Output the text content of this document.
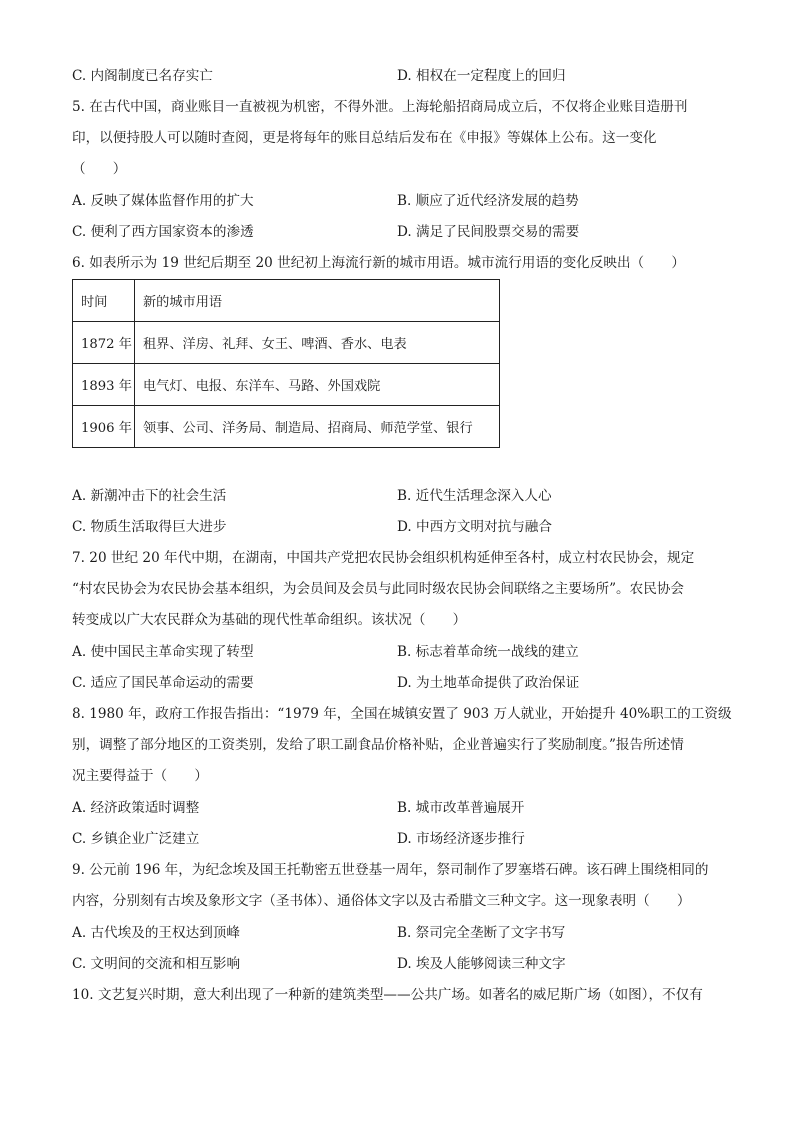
C. 内阁制度已名存实亡	D. 相权在一定程度上的回归
5. 在古代中国，商业账目一直被视为机密，不得外泄。上海轮船招商局成立后，不仅将企业账目造册刊
印，以便持股人可以随时查阅，更是将每年的账目总结后发布在《申报》等媒体上公布。这一变化
（　　）
A. 反映了媒体监督作用的扩大	B. 顺应了近代经济发展的趋势
C. 便利了西方国家资本的渗透	D. 满足了民间股票交易的需要
6. 如表所示为 19 世纪后期至 20 世纪初上海流行新的城市用语。城市流行用语的变化反映出（　　）
时间	新的城市用语
1872 年	租界、洋房、礼拜、女王、啤酒、香水、电表
1893 年	电气灯、电报、东洋车、马路、外国戏院
1906 年	领事、公司、洋务局、制造局、招商局、师范学堂、银行
A. 新潮冲击下的社会生活	B. 近代生活理念深入人心
C. 物质生活取得巨大进步	D. 中西方文明对抗与融合
7. 20 世纪 20 年代中期，在湖南，中国共产党把农民协会组织机构延伸至各村，成立村农民协会，规定
“村农民协会为农民协会基本组织，为会员间及会员与此同时级农民协会间联络之主要场所”。农民协会
转变成以广大农民群众为基础的现代性革命组织。该状况（　　）
A. 使中国民主革命实现了转型	B. 标志着革命统一战线的建立
C. 适应了国民革命运动的需要	D. 为土地革命提供了政治保证
8. 1980 年，政府工作报告指出：“1979 年，全国在城镇安置了 903 万人就业，开始提升 40%职工的工资级
别，调整了部分地区的工资类别，发给了职工副食品价格补贴，企业普遍实行了奖励制度。”报告所述情
况主要得益于（　　）
A. 经济政策适时调整	B. 城市改革普遍展开
C. 乡镇企业广泛建立	D. 市场经济逐步推行
9. 公元前 196 年，为纪念埃及国王托勒密五世登基一周年，祭司制作了罗塞塔石碑。该石碑上围绕相同的
内容，分别刻有古埃及象形文字（圣书体）、通俗体文字以及古希腊文三种文字。这一现象表明（　　）
A. 古代埃及的王权达到顶峰	B. 祭司完全垄断了文字书写
C. 文明间的交流和相互影响	D. 埃及人能够阅读三种文字
10. 文艺复兴时期，意大利出现了一种新的建筑类型——公共广场。如著名的威尼斯广场（如图），不仅有
